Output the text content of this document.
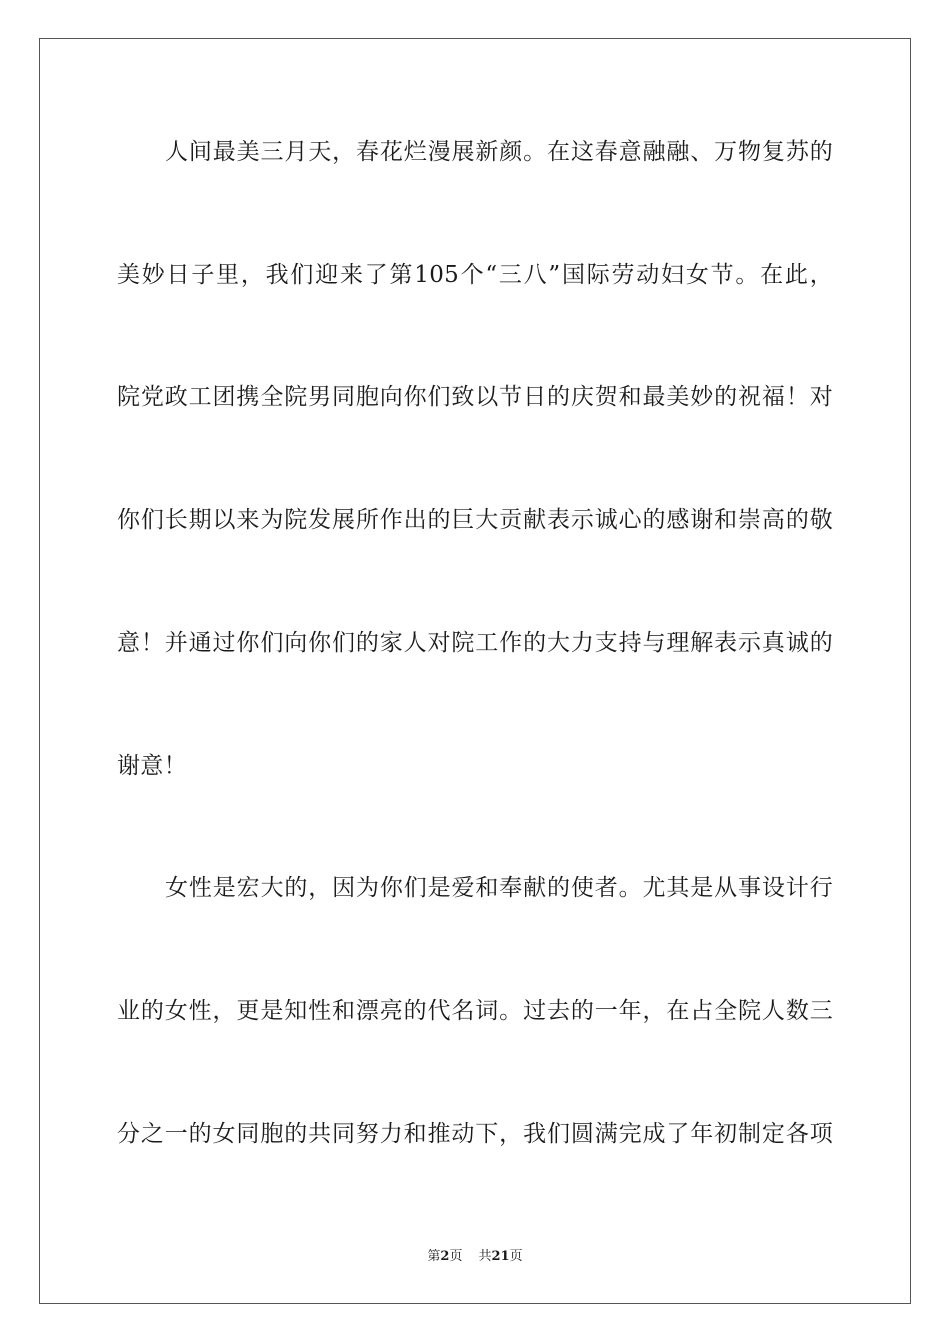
人间最美三月天，春花烂漫展新颜。在这春意融融、万物复苏的
美妙日子里，我们迎来了第105个“三八”国际劳动妇女节。在此，
院党政工团携全院男同胞向你们致以节日的庆贺和最美妙的祝福！对
你们长期以来为院发展所作出的巨大贡献表示诚心的感谢和崇高的敬
意！并通过你们向你们的家人对院工作的大力支持与理解表示真诚的
谢意！
女性是宏大的，因为你们是爱和奉献的使者。尤其是从事设计行
业的女性，更是知性和漂亮的代名词。过去的一年，在占全院人数三
分之一的女同胞的共同努力和推动下，我们圆满完成了年初制定各项
第2页 共21页
